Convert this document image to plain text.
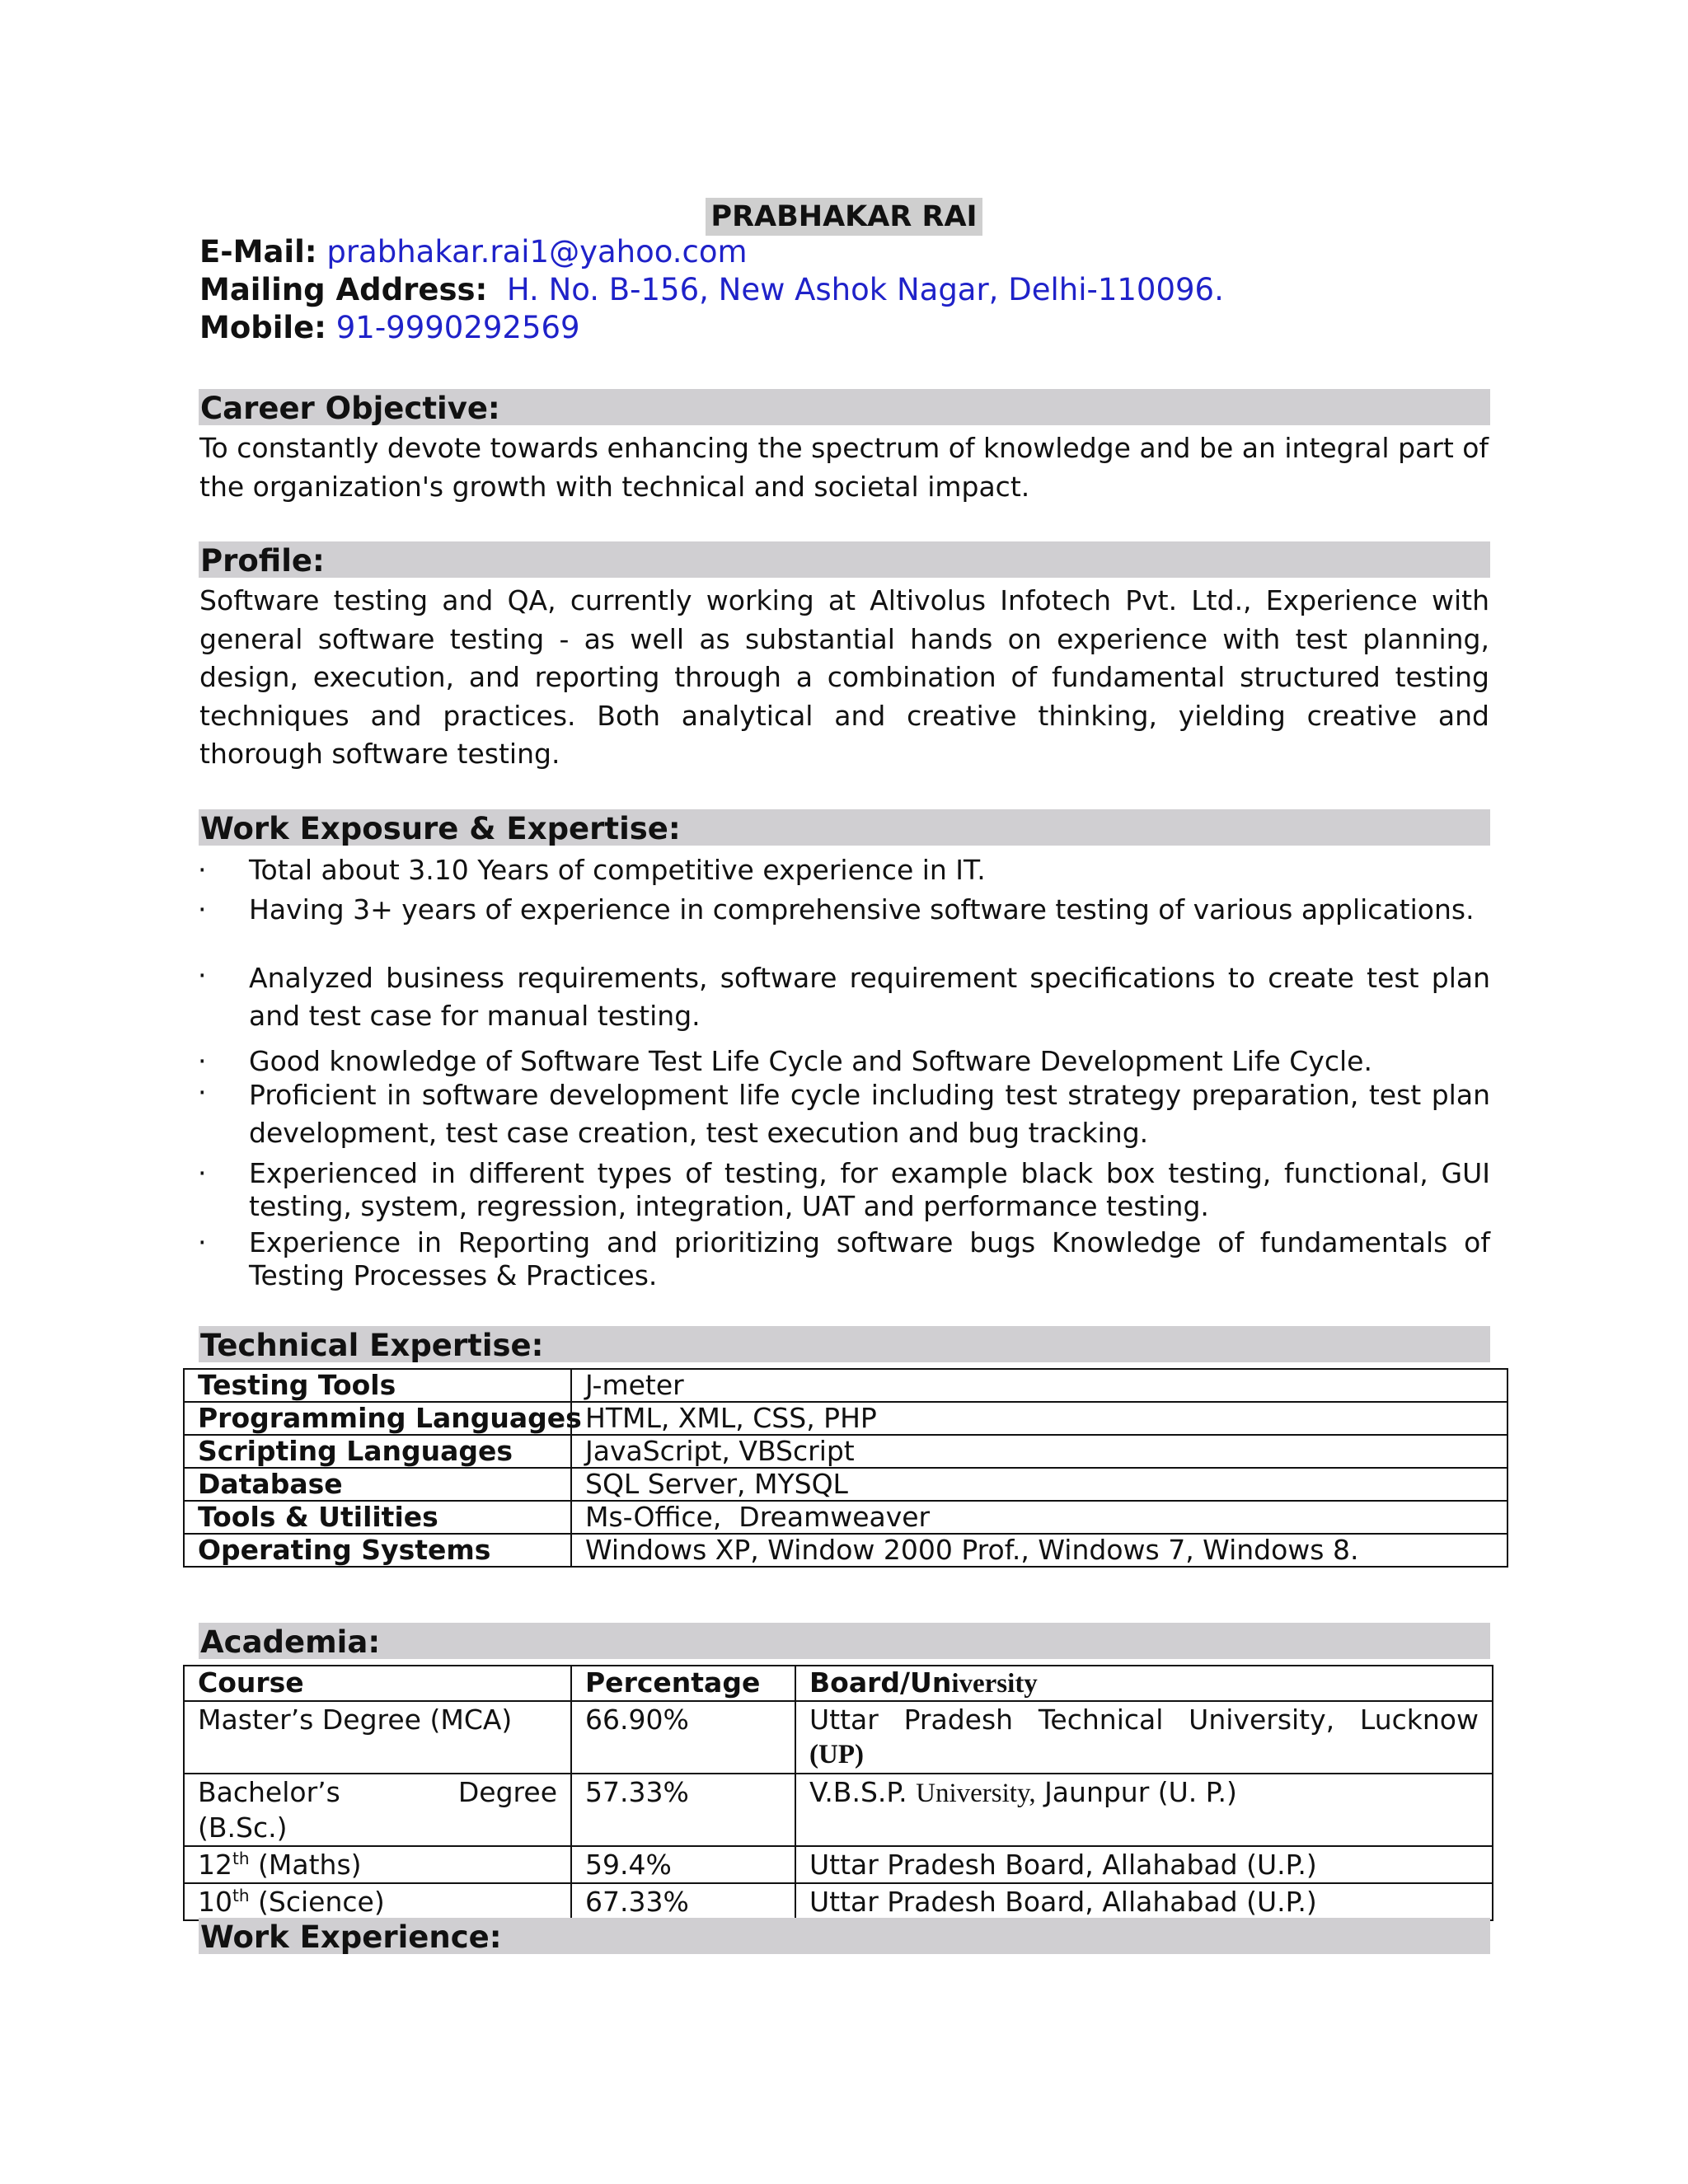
PRABHAKAR RAI
E-Mail: prabhakar.rai1@yahoo.com
Mailing Address: H. No. B-156, New Ashok Nagar, Delhi-110096.
Mobile: 91-9990292569
Career Objective:

To constantly devote towards enhancing the spectrum of knowledge and be an integral part of the organization's growth with technical and societal impact.

Profile:

Software testing and QA, currently working at Altivolus Infotech Pvt. Ltd., Experience with general software testing - as well as substantial hands on experience with test planning, design, execution, and reporting through a combination of fundamental structured testing techniques and practices. Both analytical and creative thinking, yielding creative and thorough software testing.

Work Exposure & Expertise:
· Total about 3.10 Years of competitive experience in IT.
· Having 3+ years of experience in comprehensive software testing of various applications.
· Analyzed business requirements, software requirement specifications to create test plan and test case for manual testing.
· Good knowledge of Software Test Life Cycle and Software Development Life Cycle.
· Proficient in software development life cycle including test strategy preparation, test plan development, test case creation, test execution and bug tracking.
· Experienced in different types of testing, for example black box testing, functional, GUI testing, system, regression, integration, UAT and performance testing.
· Experience in Reporting and prioritizing software bugs Knowledge of fundamentals of Testing Processes & Practices.
Technical Expertise:
Testing Tools	J-meter
Programming Languages	HTML, XML, CSS, PHP
Scripting Languages	JavaScript, VBScript
Database	SQL Server, MYSQL
Tools & Utilities	Ms-Office,  Dreamweaver
Operating Systems	Windows XP, Window 2000 Prof., Windows 7, Windows 8.
Academia:
Course	Percentage	Board/University
Master’s Degree (MCA)	66.90%	Uttar Pradesh Technical University, Lucknow
(UP)

Bachelor’s Degree
(B.Sc.)	57.33%	V.B.S.P. University, Jaunpur (U. P.)
12th (Maths)	59.4%	Uttar Pradesh Board, Allahabad (U.P.)
10th (Science)	67.33%	Uttar Pradesh Board, Allahabad (U.P.)
Work Experience:
